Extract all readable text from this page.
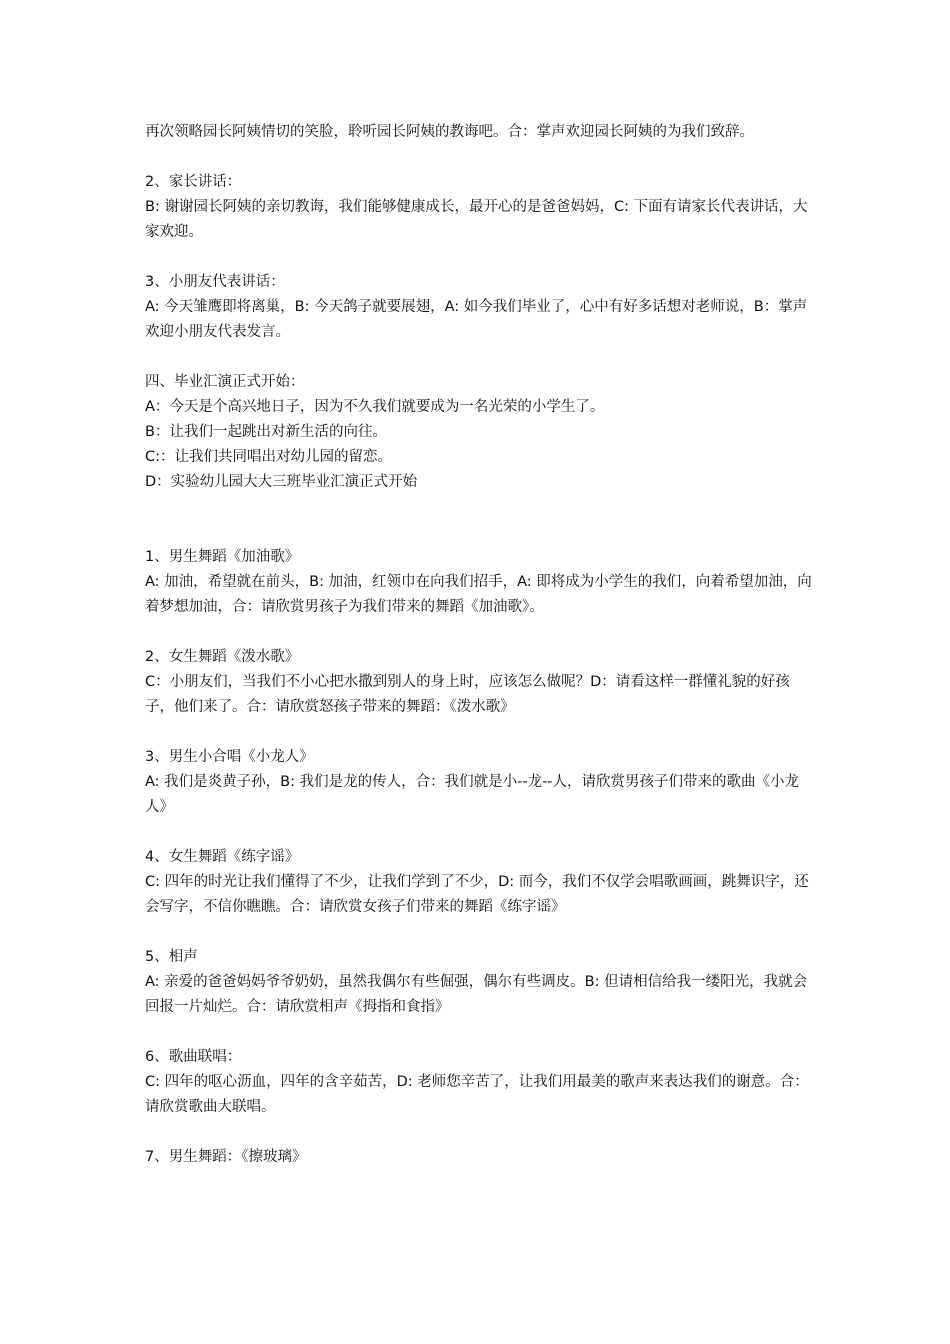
再次领略园长阿姨情切的笑脸，聆听园长阿姨的教诲吧。合：掌声欢迎园长阿姨的为我们致辞。
2、家长讲话：
B: 谢谢园长阿姨的亲切教诲，我们能够健康成长，最开心的是爸爸妈妈，C: 下面有请家长代表讲话，大家欢迎。
3、小朋友代表讲话：
A: 今天雏鹰即将离巢，B: 今天鸽子就要展翅，A: 如今我们毕业了，心中有好多话想对老师说，B：掌声欢迎小朋友代表发言。
四、毕业汇演正式开始：
A：今天是个高兴地日子，因为不久我们就要成为一名光荣的小学生了。
B：让我们一起跳出对新生活的向往。
C:：让我们共同唱出对幼儿园的留恋。
D：实验幼儿园大大三班毕业汇演正式开始
1、男生舞蹈《加油歌》
A: 加油，希望就在前头，B: 加油，红领巾在向我们招手，A: 即将成为小学生的我们，向着希望加油，向着梦想加油，合：请欣赏男孩子为我们带来的舞蹈《加油歌》。
2、女生舞蹈《泼水歌》
C：小朋友们，当我们不小心把水撒到别人的身上时，应该怎么做呢？D：请看这样一群懂礼貌的好孩子，他们来了。合：请欣赏怒孩子带来的舞蹈：《泼水歌》
3、男生小合唱《小龙人》
A: 我们是炎黄子孙，B: 我们是龙的传人，合：我们就是小--龙--人，请欣赏男孩子们带来的歌曲《小龙人》
4、女生舞蹈《练字谣》
C: 四年的时光让我们懂得了不少，让我们学到了不少，D: 而今，我们不仅学会唱歌画画，跳舞识字，还会写字，不信你瞧瞧。合：请欣赏女孩子们带来的舞蹈《练字谣》
5、相声
A: 亲爱的爸爸妈妈爷爷奶奶，虽然我偶尔有些倔强，偶尔有些调皮。B: 但请相信给我一缕阳光，我就会回报一片灿烂。合：请欣赏相声《拇指和食指》
6、歌曲联唱：
C: 四年的呕心沥血，四年的含辛茹苦，D: 老师您辛苦了，让我们用最美的歌声来表达我们的谢意。合：请欣赏歌曲大联唱。
7、男生舞蹈：《擦玻璃》
